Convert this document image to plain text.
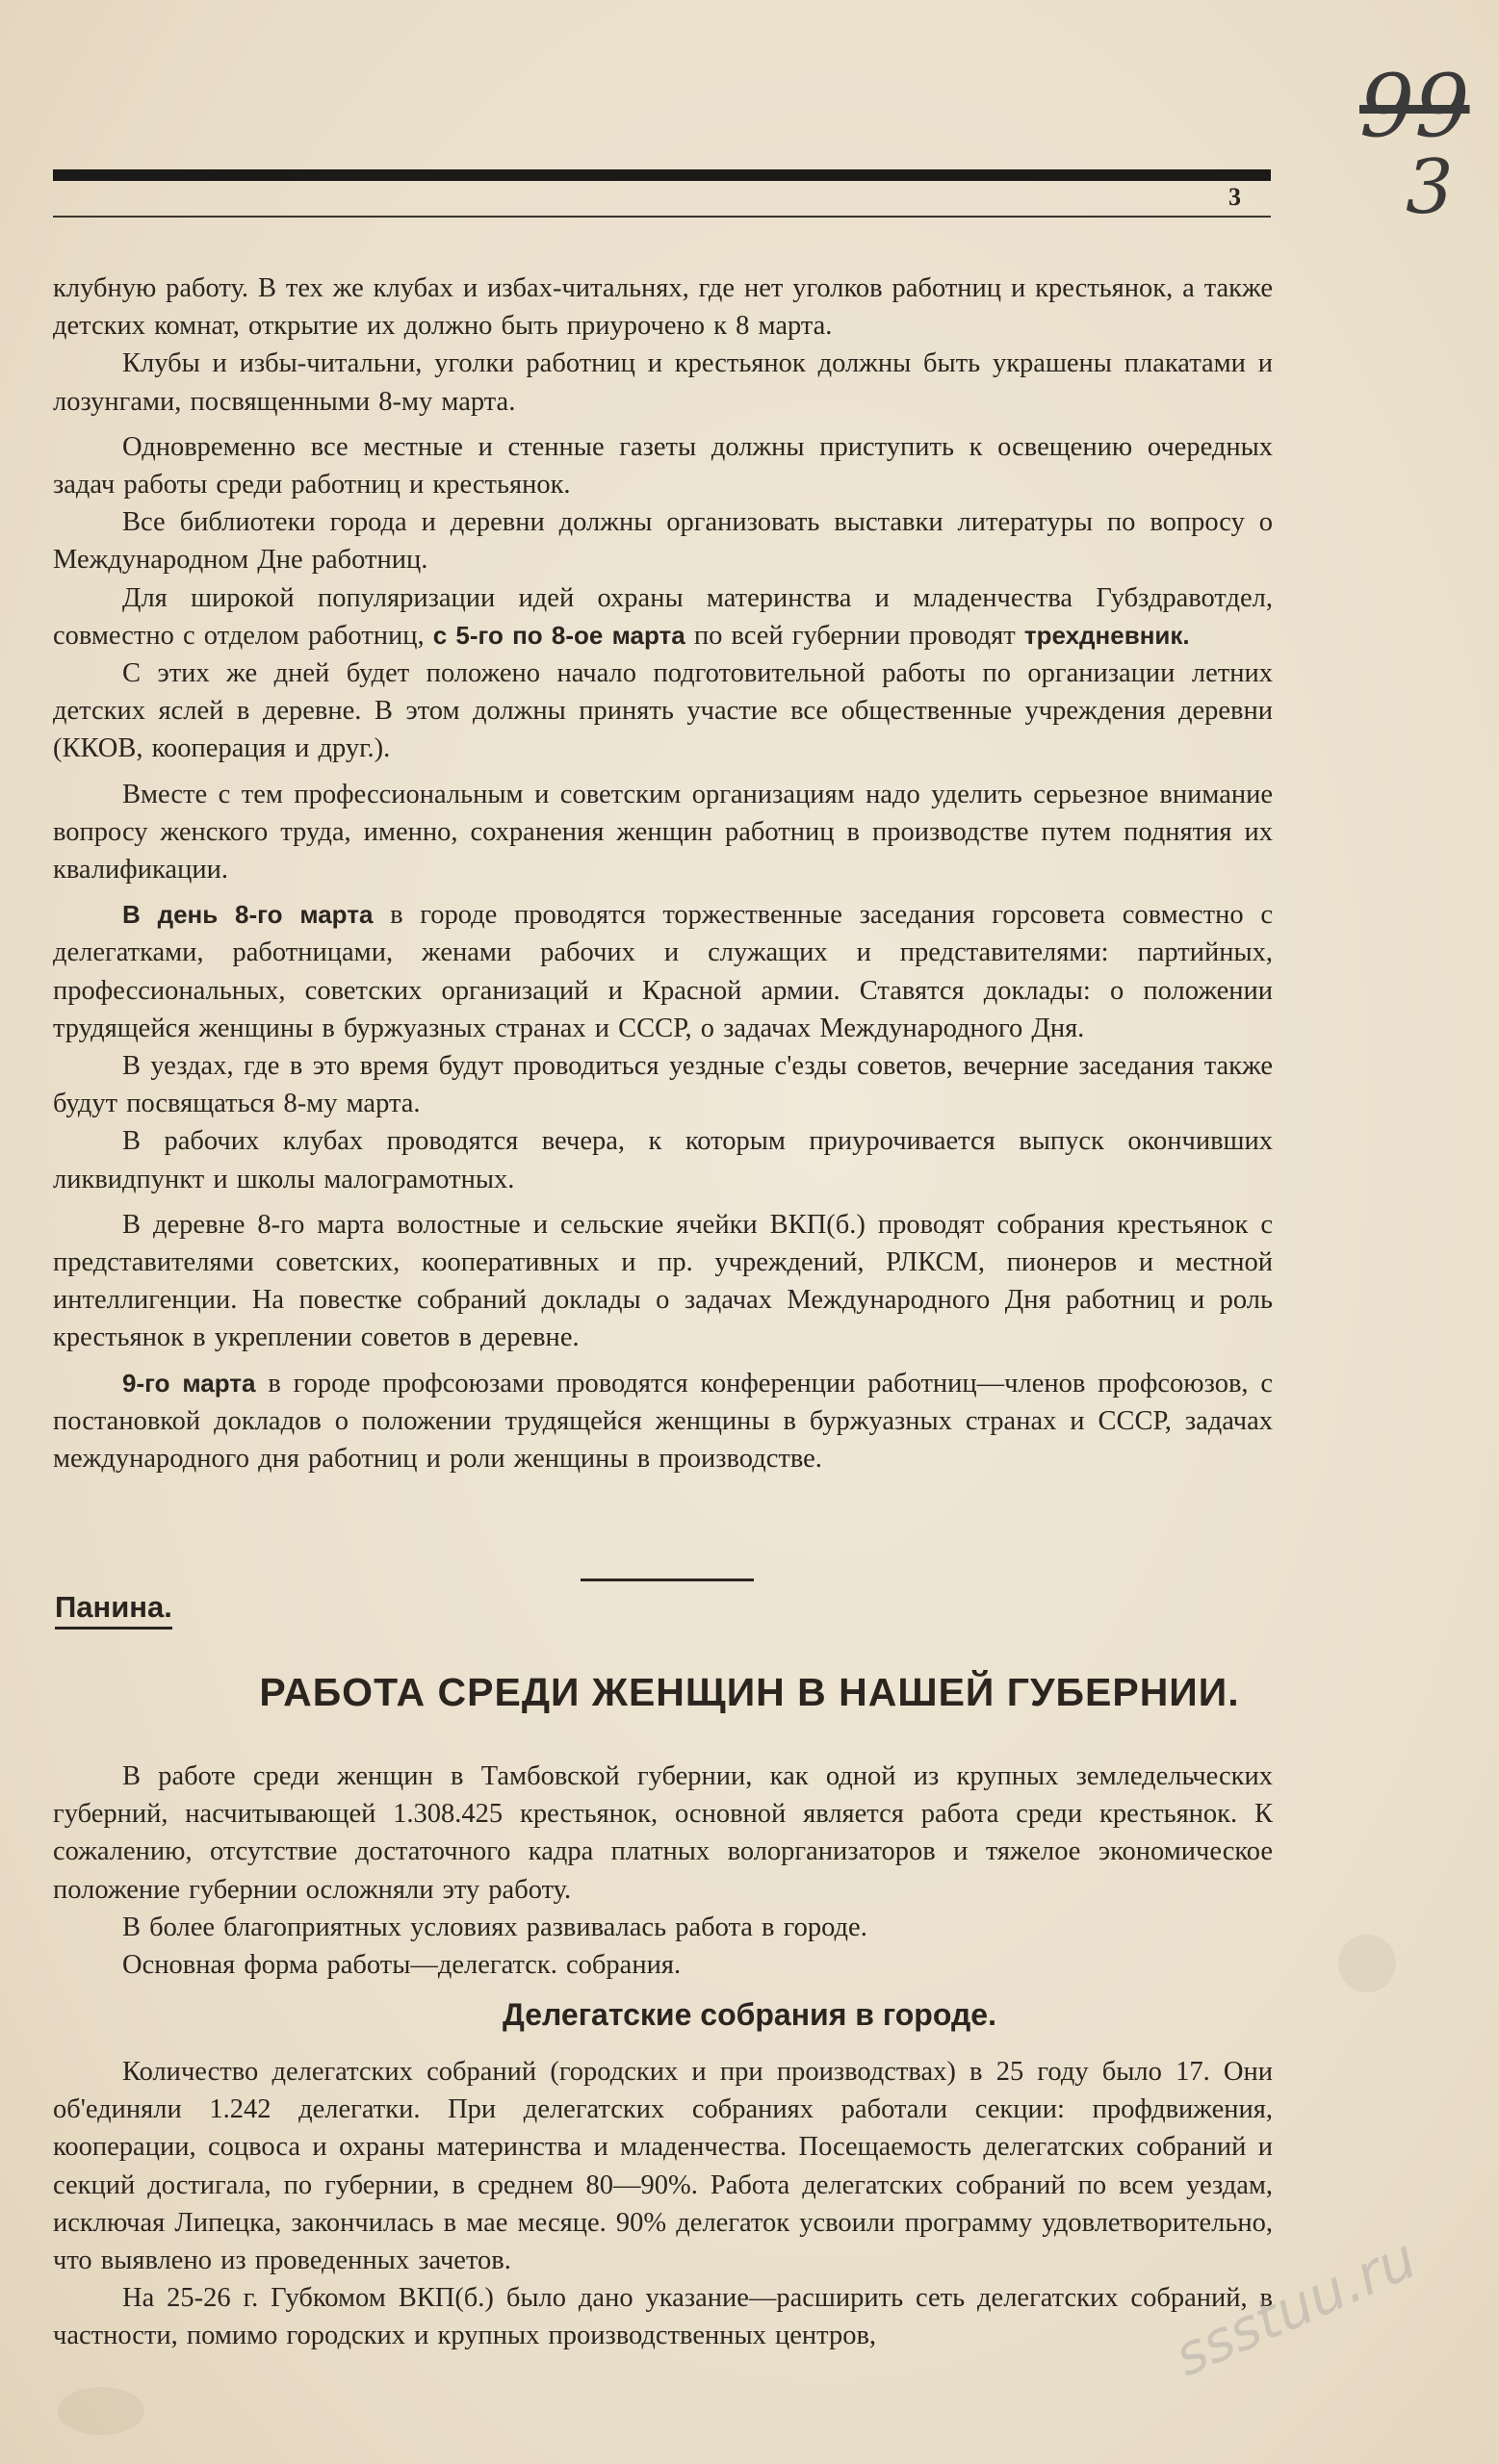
99
3
3

клубную работу. В тех же клубах и избах-читальнях, где нет уголков работниц и крестьянок, а также детских комнат, открытие их должно быть приурочено к 8 марта.

Клубы и избы-читальни, уголки работниц и крестьянок должны быть украшены плакатами и лозунгами, посвященными 8-му марта.

Одновременно все местные и стенные газеты должны приступить к освещению очередных задач работы среди работниц и крестьянок.

Все библиотеки города и деревни должны организовать выставки литературы по вопросу о Международном Дне работниц.

Для широкой популяризации идей охраны материнства и младенчества Губздравотдел, совместно с отделом работниц, с 5-го по 8-ое марта по всей губернии проводят трехдневник.

С этих же дней будет положено начало подготовительной работы по организации летних детских яслей в деревне. В этом должны принять участие все общественные учреждения деревни (ККОВ, кооперация и друг.).

Вместе с тем профессиональным и советским организациям надо уделить серьезное внимание вопросу женского труда, именно, сохранения женщин работниц в производстве путем поднятия их квалификации.

В день 8-го марта в городе проводятся торжественные заседания горсовета совместно с делегатками, работницами, женами рабочих и служащих и представителями: партийных, профессиональных, советских организаций и Красной армии. Ставятся доклады: о положении трудящейся женщины в буржуазных странах и СССР, о задачах Международного Дня.

В уездах, где в это время будут проводиться уездные с'езды советов, вечерние заседания также будут посвящаться 8-му марта.

В рабочих клубах проводятся вечера, к которым приурочивается выпуск окончивших ликвидпункт и школы малограмотных.

В деревне 8-го марта волостные и сельские ячейки ВКП(б.) проводят собрания крестьянок с представителями советских, кооперативных и пр. учреждений, РЛКСМ, пионеров и местной интеллигенции. На повестке собраний доклады о задачах Международного Дня работниц и роль крестьянок в укреплении советов в деревне.

9-го марта в городе профсоюзами проводятся конференции работниц—членов профсоюзов, с постановкой докладов о положении трудящейся женщины в буржуазных странах и СССР, задачах международного дня работниц и роли женщины в производстве.

Панина.
РАБОТА СРЕДИ ЖЕНЩИН В НАШЕЙ ГУБЕРНИИ.

В работе среди женщин в Тамбовской губернии, как одной из крупных земледельческих губерний, насчитывающей 1.308.425 крестьянок, основной является работа среди крестьянок. К сожалению, отсутствие достаточного кадра платных волорганизаторов и тяжелое экономическое положение губернии осложняли эту работу.

В более благоприятных условиях развивалась работа в городе.

Основная форма работы—делегатск. собрания.

Делегатские собрания в городе.

Количество делегатских собраний (городских и при производствах) в 25 году было 17. Они об'единяли 1.242 делегатки. При делегатских собраниях работали секции: профдвижения, кооперации, соцвоса и охраны материнства и младенчества. Посещаемость делегатских собраний и секций достигала, по губернии, в среднем 80—90%. Работа делегатских собраний по всем уездам, исключая Липецка, закончилась в мае месяце. 90% делегаток усвоили программу удовлетворительно, что выявлено из проведенных зачетов.

На 25-26 г. Губкомом ВКП(б.) было дано указание—расширить сеть делегатских собраний, в частности, помимо городских и крупных производственных центров,	ssstuu.ru
